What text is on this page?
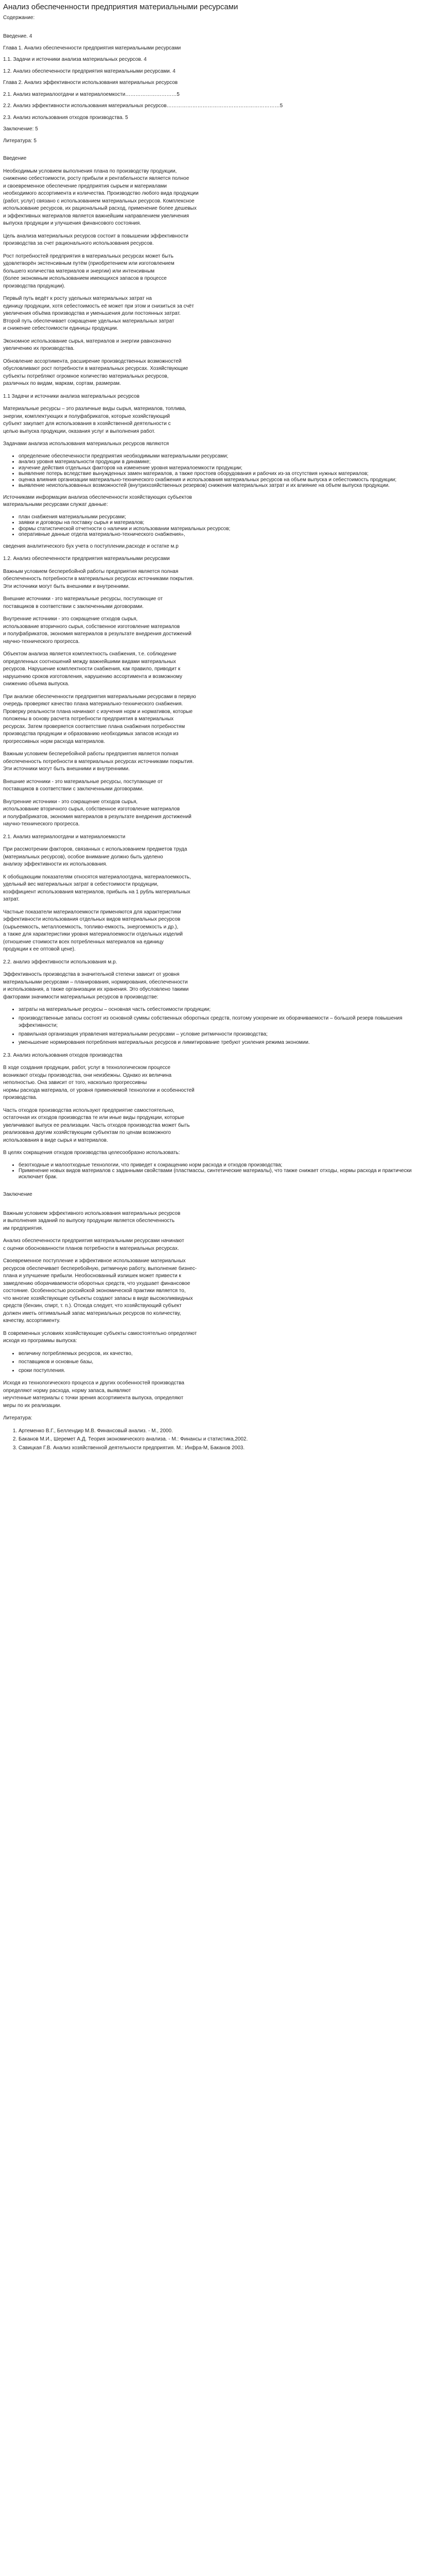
Анализ обеспеченности предприятия материальными ресурсами

Содержание:

Введение. 4
Глава 1. Анализ обеспеченности предприятия материальными ресурсами
1.1. Задачи и источники анализа материальных ресурсов. 4
1.2. Анализ обеспеченности предприятия материальными ресурсами. 4
Глава 2. Анализ эффективности использования материальных ресурсов
2.1. Анализ материалоотдачи и материалоемкости…………………………5
2.2. Анализ эффективности использования материальных ресурсов…………………………………………………………5
2.3. Анализ использования отходов производства. 5
Заключение: 5
Литература: 5

Введение

Необходимым условием выполнения плана по производству продукции,
снижению себестоимости, росту прибыли и рентабельности является полное
и своевременное обеспечение предприятия сырьем и материалами
необходимого ассортимента и количества. Производство любого вида продукции
(работ, услуг) связано с использованием материальных ресурсов. Комплексное
использование ресурсов, их рациональный расход, применение более дешевых
и эффективных материалов является важнейшим направлением увеличения
выпуска продукции и улучшения финансового состояния.

Цель анализа материальных ресурсов состоит в повышении эффективности
производства за счет рационального использования ресурсов.

Рост потребностей предприятия в материальных ресурсах может быть
удовлетворён экстенсивным путём (приобретением или изготовлением
большего количества материалов и энергии) или интенсивным
(более экономным использованием имеющихся запасов в процессе
производства продукции).

Первый путь ведёт к росту удельных материальных затрат на
единицу продукции, хотя себестоимость её может при этом и снизиться за счёт
увеличения объёма производства и уменьшения доли постоянных затрат.
Второй путь обеспечивает сокращение удельных материальных затрат
и снижение себестоимости единицы продукции.

Экономное использование сырья, материалов и энергии равнозначно
увеличению их производства.

Обновление ассортимента, расширение производственных возможностей
обусловливают рост потребности в материальных ресурсах. Хозяйствующие
субъекты потребляют огромное количество материальных ресурсов,
различных по видам, маркам, сортам, размерам.

1.1 Задачи и источники анализа материальных ресурсов

Материальные ресурсы – это различные виды сырья, материалов, топлива,
энергии, комплектующих и полуфабрикатов, которые хозяйствующий
субъект закупает для использования в хозяйственной деятельности с
целью выпуска продукции, оказания услуг и выполнения работ.

Задачами анализа использования материальных ресурсов являются

• определение обеспеченности предприятия необходимыми материальными ресурсами;
• анализ уровня материальности продукции в динамике;
• изучение действия отдельных факторов на изменение уровня материалоемкости продукции;
• выявление потерь вследствие вынужденных замен материалов, а также простоев оборудования и рабочих из-за отсутствия нужных материалов;
• оценка влияния организации материально-технического снабжения и использования материальных ресурсов на объем выпуска и себестоимость продукции;
• выявление неиспользованных возможностей (внутрихозяйственных резервов) снижения материальных затрат и их влияние на объем выпуска продукции.

Источниками информации анализа обеспеченности хозяйствующих субъектов
материальными ресурсами служат данные:

• план снабжения материальными ресурсами;
• заявки и договоры на поставку сырья и материалов;
• формы статистической отчетности о наличии и использовании материальных ресурсов;
• оперативные данные отдела материально-технического снабжения»,

сведения аналитического бух учета о поступлении,расходе и остатке м.р

1.2. Анализ обеспеченности предприятия материальными ресурсами

Важным условием бесперебойной работы предприятия является полная
обеспеченность потребности в материальных ресурсах источниками покрытия.
Эти источники могут быть внешними и внутренними.

Внешние источники - это материальные ресурсы, поступающие от
поставщиков в соответствии с заключенными договорами.

Внутренние источники - это сокращение отходов сырья,
использование вторичного сырья, собственное изготовление материалов
и полуфабрикатов, экономия материалов в результате внедрения достижений
научно-технического прогресса.

Объектом анализа является комплектность снабжения, т.е. соблюдение
определенных соотношений между важнейшими видами материальных
ресурсов. Нарушение комплектности снабжения, как правило, приводит к
нарушению сроков изготовления, нарушению ассортимента и возможному
снижению объема выпуска.

При анализе обеспеченности предприятия материальными ресурсами в первую
очередь проверяют качество плана материально-технического снабжения.
Проверку реальности плана начинают с изучения норм и нормативов, которые
положены в основу расчета потребности предприятия в материальных
ресурсах. Затем проверяется соответствие плана снабжения потребностям
производства продукции и образованию необходимых запасов исходя из
прогрессивных норм расхода материалов.

Важным условием бесперебойной работы предприятия является полная
обеспеченность потребности в материальных ресурсах источниками покрытия.
Эти источники могут быть внешними и внутренними.

Внешние источники - это материальные ресурсы, поступающие от
поставщиков в соответствии с заключенными договорами.

Внутренние источники - это сокращение отходов сырья,
использование вторичного сырья, собственное изготовление материалов
и полуфабрикатов, экономия материалов в результате внедрения достижений
научно-технического прогресса.

2.1. Анализ материалоотдачи и материалоемкости

При рассмотрении факторов, связанных с использованием предметов труда
(материальных ресурсов), особое внимание должно быть уделено
анализу эффективности их использования.

К обобщающим показателям относятся материалоотдача, материалоемкость,
удельный вес материальных затрат в себестоимости продукции,
коэффициент использования материалов, прибыль на 1 рубль материальных
затрат.

Частные показатели материалоемкости применяются для характеристики
эффективности использования отдельных видов материальных ресурсов
(сырьеемкость, металлоемкость, топливо-емкость, энергоемкость и др.),
а также для характеристики уровня материалоемкости отдельных изделий
(отношение стоимости всех потребленных материалов на единицу
продукции к ее оптовой цене).

2.2. анализ эффективности использования м.р.

Эффективность производства в значительной степени зависит от уровня
материальными ресурсами – планирования, нормирования, обеспеченности
и использования, а также организации их хранения. Это обусловлено такими
факторами значимости материальных ресурсов в производстве:

• затраты на материальные ресурсы – основная часть себестоимости продукции;
• производственные запасы состоят из основной суммы собственных оборотных средств, поэтому ускорение их оборачиваемости – большой резерв повышения эффективности;
• правильная организация управления материальными ресурсами – условие ритмичности производства;
• уменьшение нормирования потребления материальных ресурсов и лимитирование требуют усиления режима экономии.

2.3. Анализ использования отходов производства

В ходе создания продукции, работ, услуг в технологическом процессе
возникают отходы производства, они неизбежны. Однако их величина
неполностью. Она зависит от того, насколько прогрессивны
нормы расхода материала, от уровня применяемой технологии и особенностей
производства.

Часть отходов производства используют предприятие самостоятельно,
остаточная их отходов производства те или иные виды продукции, которые
увеличивают выпуск ее реализации. Часть отходов производства может быть
реализована другим хозяйствующим субъектам по ценам возможного
использования в виде сырья и материалов.

В целях сокращения отходов производства целесообразно использовать:

• безотходные и малоотходные технологии, что приведет к сокращению норм расхода и отходов производства;
• Применение новых видов материалов с заданными свойствами (пластмассы, синтетические материалы), что также снижает отходы, нормы расхода и практически исключает брак.

Заключение

Важным условием эффективного использования материальных ресурсов
и выполнения заданий по выпуску продукции является обеспеченность
им предприятия.

Анализ обеспеченности предприятия материальными ресурсами начинают
с оценки обоснованности планов потребности в материальных ресурсах.

Своевременное поступление и эффективное использование материальных
ресурсов обеспечивает бесперебойную, ритмичную работу, выполнение бизнес-
плана и улучшение прибыли. Необоснованный излишек может привести к
замедлению оборачиваемости оборотных средств, что ухудшает финансовое
состояние. Особенностью российской экономической практики является то,
что многие хозяйствующие субъекты создают запасы в виде высоколиквидных
средств (бензин, спирт, т. п.). Отсюда следует, что хозяйствующий субъект
должен иметь оптимальный запас материальных ресурсов по количеству,
качеству, ассортименту.

В современных условиях хозяйствующие субъекты самостоятельно определяют
исходя из программы выпуска:

• величину потребляемых ресурсов, их качество,
• поставщиков и основные базы,
• сроки поступления.

Исходя из технологического процесса и других особенностей производства
определяют норму расхода, норму запаса, выявляют
неучтенные материалы с точки зрения ассортимента выпуска, определяют
меры по их реализации.

Литература:

1. Артеменко В.Г., Беллендир М.В. Финансовый анализ. - М., 2000.
2. Баканов М.И., Шеремет А.Д. Теория экономического анализа. - М.: Финансы и статистика,2002.
3. Савицкая Г.В. Анализ хозяйственной деятельности предприятия. М.: Инфра-М, Баканов 2003.
